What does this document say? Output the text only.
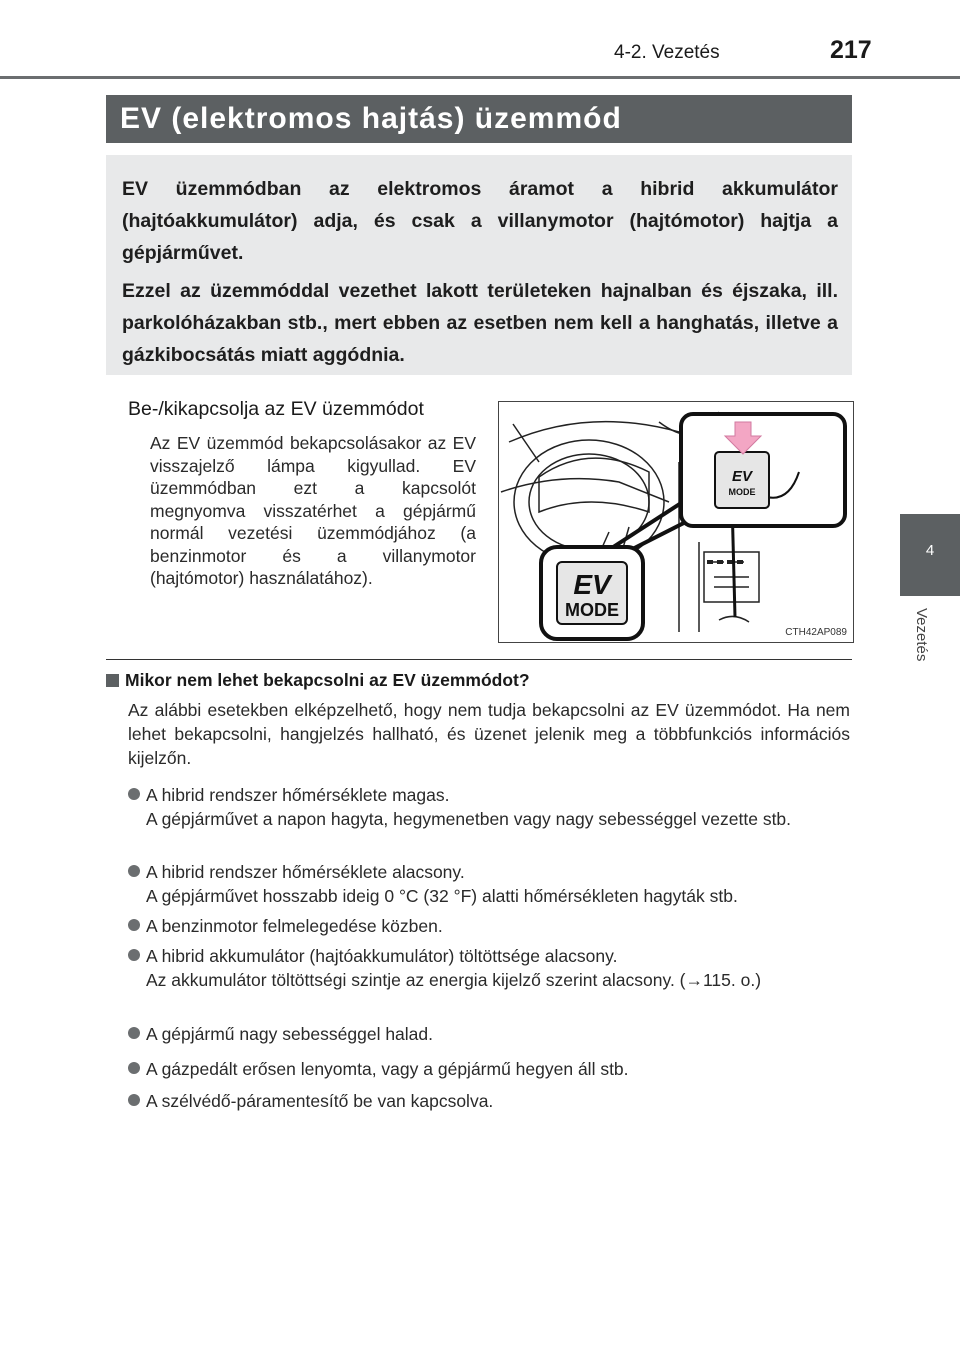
4-2. Vezetés	217
4
Vezetés
EV (elektromos hajtás) üzemmód

EV üzemmódban az elektromos áramot a hibrid akkumulátor (hajtóakkumulátor) adja, és csak a villanymotor (hajtómotor) hajtja a gépjárművet.

Ezzel az üzemmóddal vezethet lakott területeken hajnalban és éjszaka, ill. parkolóházakban stb., mert ebben az esetben nem kell a hanghatás, illetve a gázkibocsátás miatt aggódnia.

Be-/kikapcsolja az EV üzemmódot

Az EV üzemmód bekapcsolásakor az EV visszajelző lámpa kigyullad. EV üzemmódban ezt a kapcsolót megnyomva visszatérhet a gépjármű normál vezetési üzemmódjához (a benzinmotor és a villanymotor (hajtómotor) használatához).	EV
MODE
EV
MODE
CTH42AP089
Mikor nem lehet bekapcsolni az EV üzemmódot?

Az alábbi esetekben elképzelhető, hogy nem tudja bekapcsolni az EV üzemmódot. Ha nem lehet bekapcsolni, hangjelzés hallható, és üzenet jelenik meg a többfunkciós információs kijelzőn.

A hibrid rendszer hőmérséklete magas.

A gépjárművet a napon hagyta, hegymenetben vagy nagy sebességgel vezette stb.

A hibrid rendszer hőmérséklete alacsony.

A gépjárművet hosszabb ideig 0 °C (32 °F) alatti hőmérsékleten hagyták stb.

A benzinmotor felmelegedése közben.

A hibrid akkumulátor (hajtóakkumulátor) töltöttsége alacsony.

Az akkumulátor töltöttségi szintje az energia kijelző szerint alacsony. (→115. o.)

A gépjármű nagy sebességgel halad.

A gázpedált erősen lenyomta, vagy a gépjármű hegyen áll stb.

A szélvédő-páramentesítő be van kapcsolva.
